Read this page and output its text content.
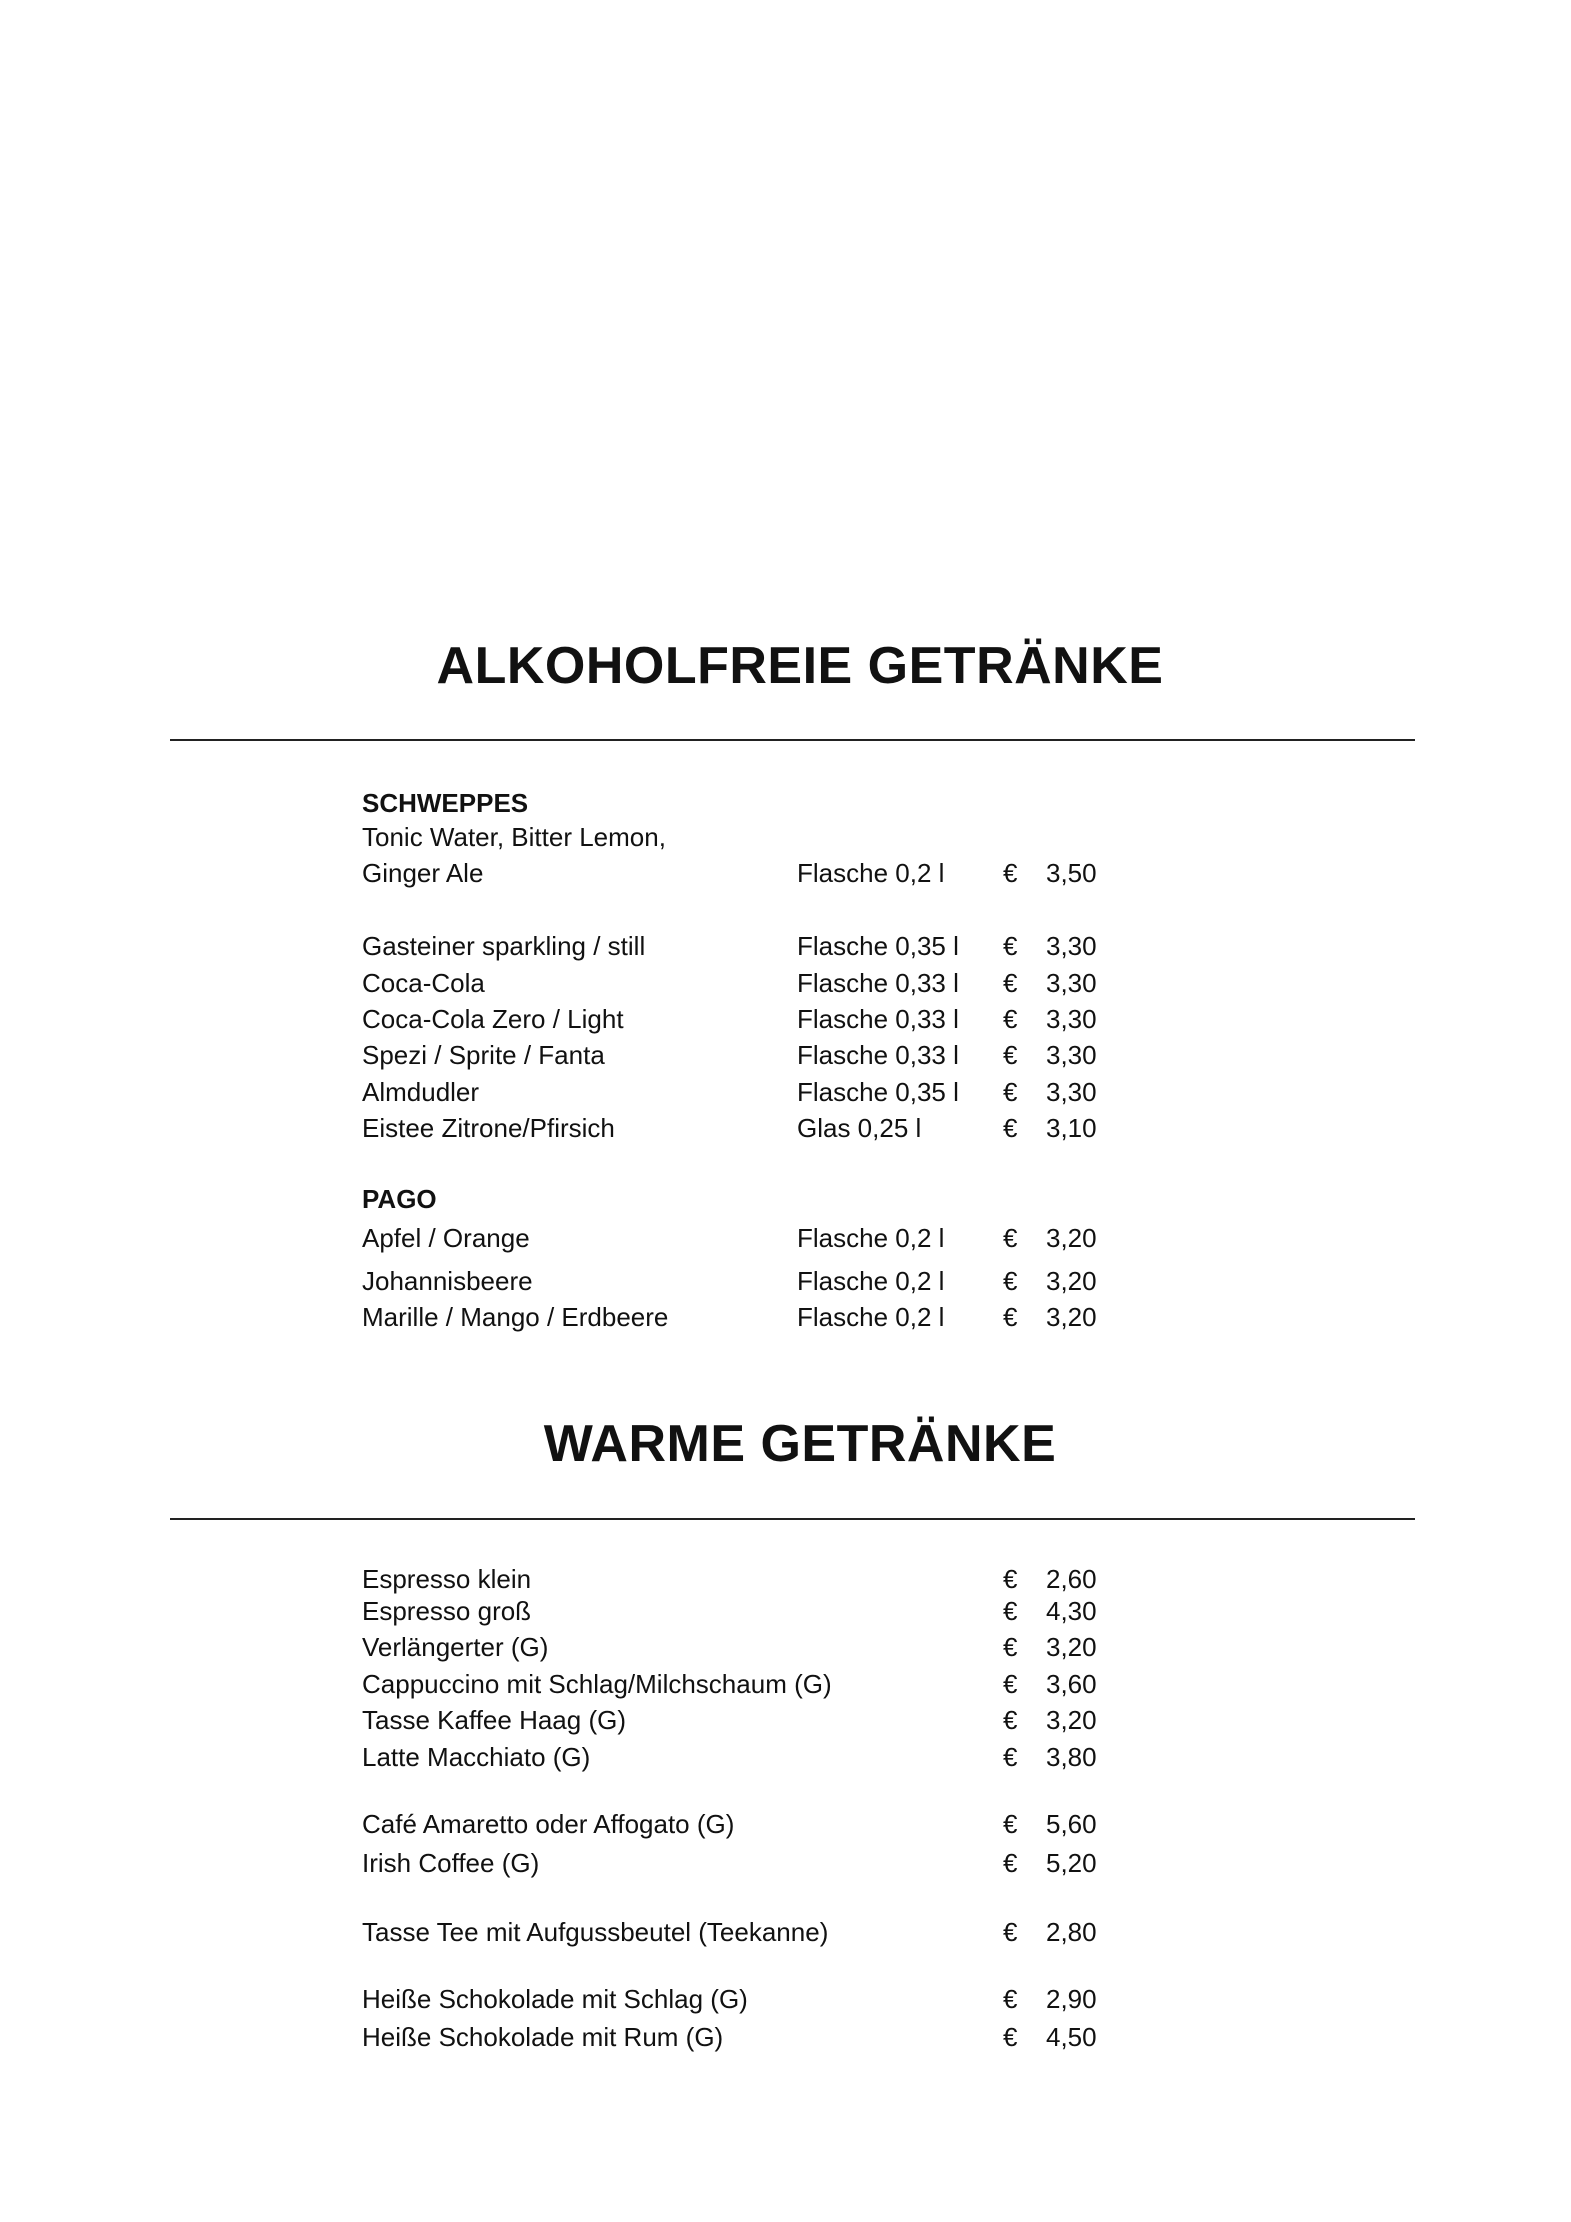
ALKOHOLFREIE GETRÄNKE
SCHWEPPES
Tonic Water, Bitter Lemon,
Ginger Ale	Flasche 0,2 l € 3,50
Gasteiner sparkling / still	Flasche 0,35 l € 3,30
Coca-Cola	Flasche 0,33 l € 3,30
Coca-Cola Zero / Light	Flasche 0,33 l € 3,30
Spezi / Sprite / Fanta	Flasche 0,33 l € 3,30
Almdudler	Flasche 0,35 l € 3,30
Eistee Zitrone/Pfirsich	Glas 0,25 l	€ 3,10
PAGO
Apfel / Orange	Flasche 0,2 l € 3,20
Johannisbeere	Flasche 0,2 l € 3,20
Marille / Mango / Erdbeere	Flasche 0,2 l € 3,20
WARME GETRÄNKE
Espresso klein	€ 2,60
Espresso groß	€ 4,30
Verlängerter (G)	€ 3,20
Cappuccino mit Schlag/Milchschaum (G)	€ 3,60
Tasse Kaffee Haag (G)	€ 3,20
Latte Macchiato (G)	€ 3,80
Café Amaretto oder Affogato (G)	€ 5,60
Irish Coffee (G)	€ 5,20
Tasse Tee mit Aufgussbeutel (Teekanne)	€ 2,80
Heiße Schokolade mit Schlag (G)	€ 2,90
Heiße Schokolade mit Rum (G)	€ 4,50
